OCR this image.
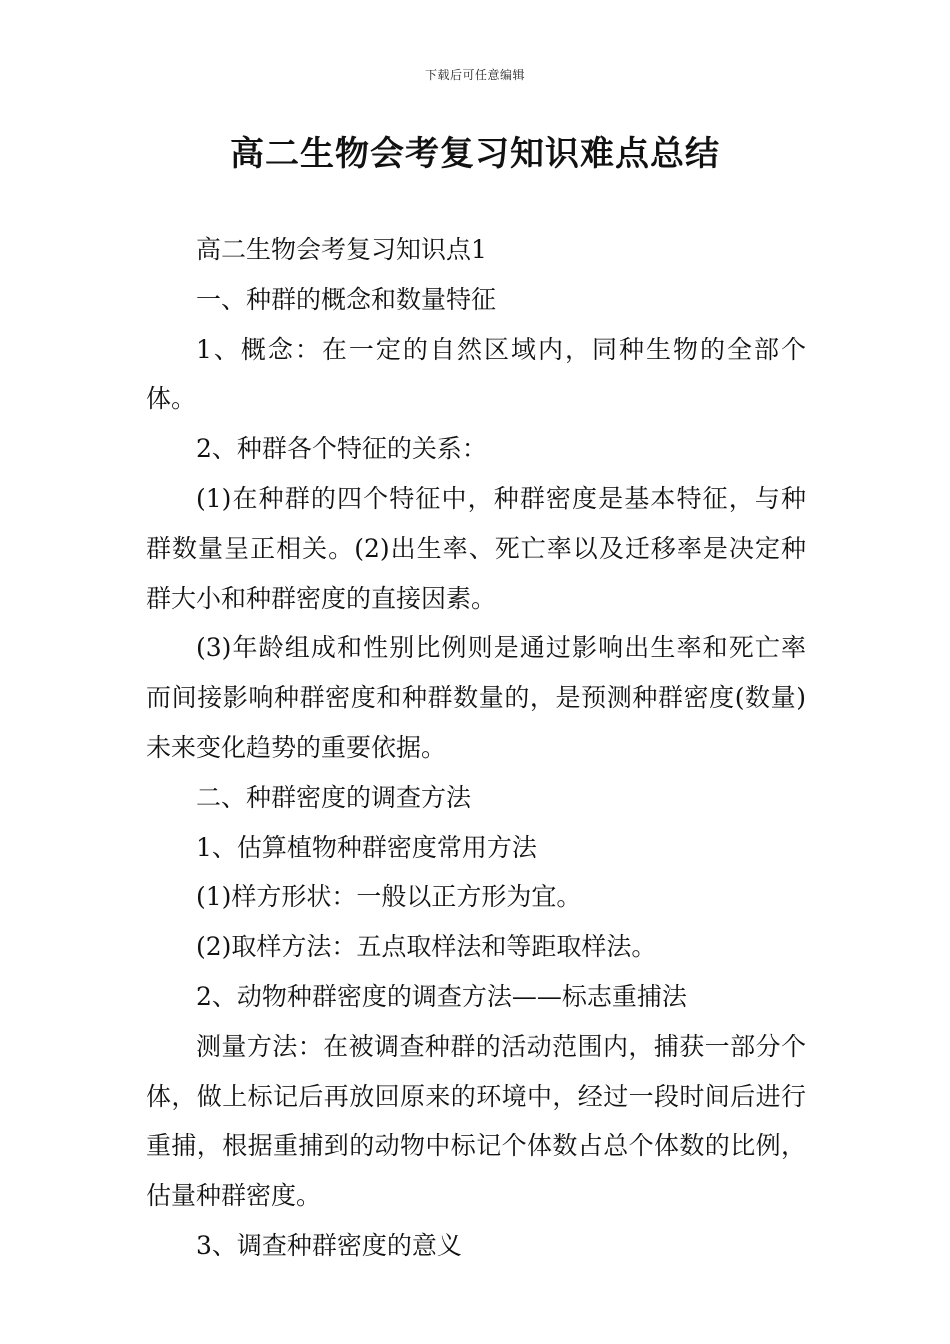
下载后可任意编辑
高二生物会考复习知识难点总结

高二生物会考复习知识点1

一、种群的概念和数量特征

1、概念：在一定的自然区域内，同种生物的全部个体。

2、种群各个特征的关系：

(1)在种群的四个特征中，种群密度是基本特征，与种群数量呈正相关。(2)出生率、死亡率以及迁移率是决定种群大小和种群密度的直接因素。

(3)年龄组成和性别比例则是通过影响出生率和死亡率而间接影响种群密度和种群数量的，是预测种群密度(数量)未来变化趋势的重要依据。

二、种群密度的调查方法

1、估算植物种群密度常用方法

(1)样方形状：一般以正方形为宜。

(2)取样方法：五点取样法和等距取样法。

2、动物种群密度的调查方法——标志重捕法

测量方法：在被调查种群的活动范围内，捕获一部分个体，做上标记后再放回原来的环境中，经过一段时间后进行重捕，根据重捕到的动物中标记个体数占总个体数的比例，估量种群密度。

3、调查种群密度的意义
